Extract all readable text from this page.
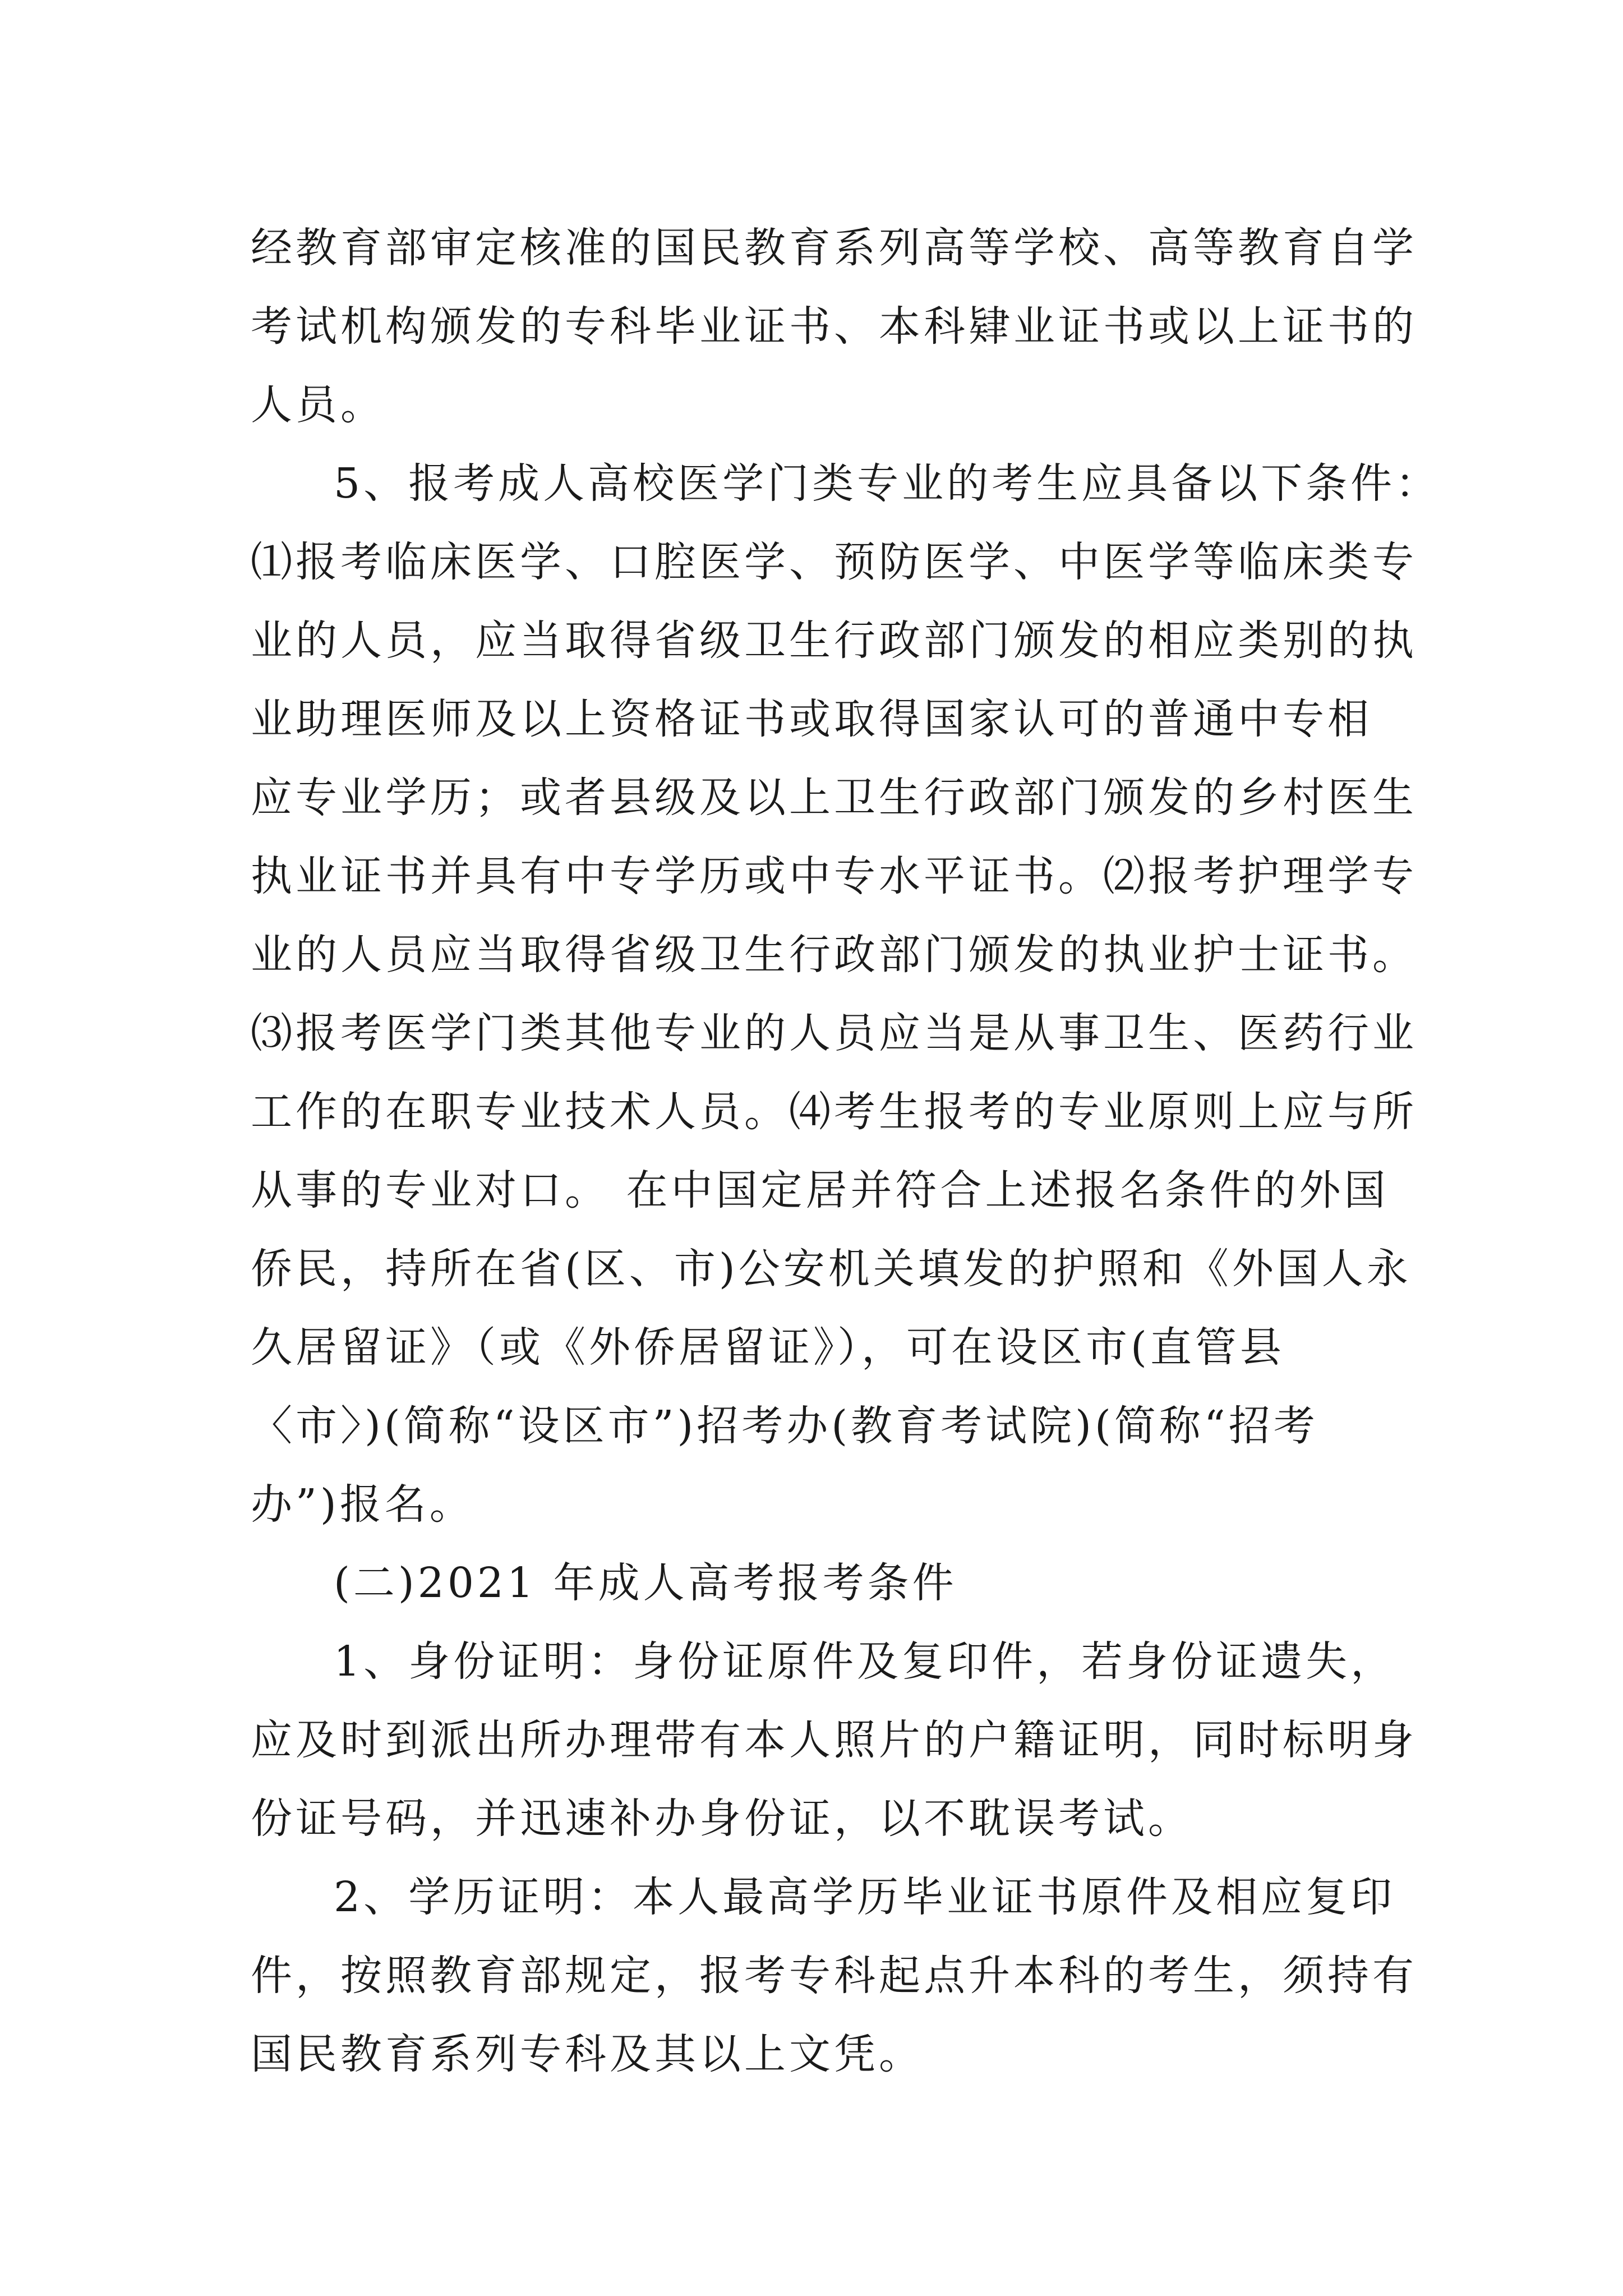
经教育部审定核准的国民教育系列高等学校、高等教育自学
考试机构颁发的专科毕业证书、本科肄业证书或以上证书的
人员。
5、报考成人高校医学门类专业的考生应具备以下条件：
⑴报考临床医学、口腔医学、预防医学、中医学等临床类专
业的人员，应当取得省级卫生行政部门颁发的相应类别的执
业助理医师及以上资格证书或取得国家认可的普通中专相
应专业学历；或者县级及以上卫生行政部门颁发的乡村医生
执业证书并具有中专学历或中专水平证书。⑵报考护理学专
业的人员应当取得省级卫生行政部门颁发的执业护士证书。
⑶报考医学门类其他专业的人员应当是从事卫生、医药行业
工作的在职专业技术人员。⑷考生报考的专业原则上应与所
从事的专业对口。 在中国定居并符合上述报名条件的外国
侨民，持所在省(区、市)公安机关填发的护照和《外国人永
久居留证》（或《外侨居留证》），可在设区市(直管县
〈市〉)(简称“设区市”)招考办(教育考试院)(简称“招考
办”)报名。
(二)2021 年成人高考报考条件
1、身份证明：身份证原件及复印件，若身份证遗失，
应及时到派出所办理带有本人照片的户籍证明，同时标明身
份证号码，并迅速补办身份证，以不耽误考试。
2、学历证明：本人最高学历毕业证书原件及相应复印
件，按照教育部规定，报考专科起点升本科的考生，须持有
国民教育系列专科及其以上文凭。
